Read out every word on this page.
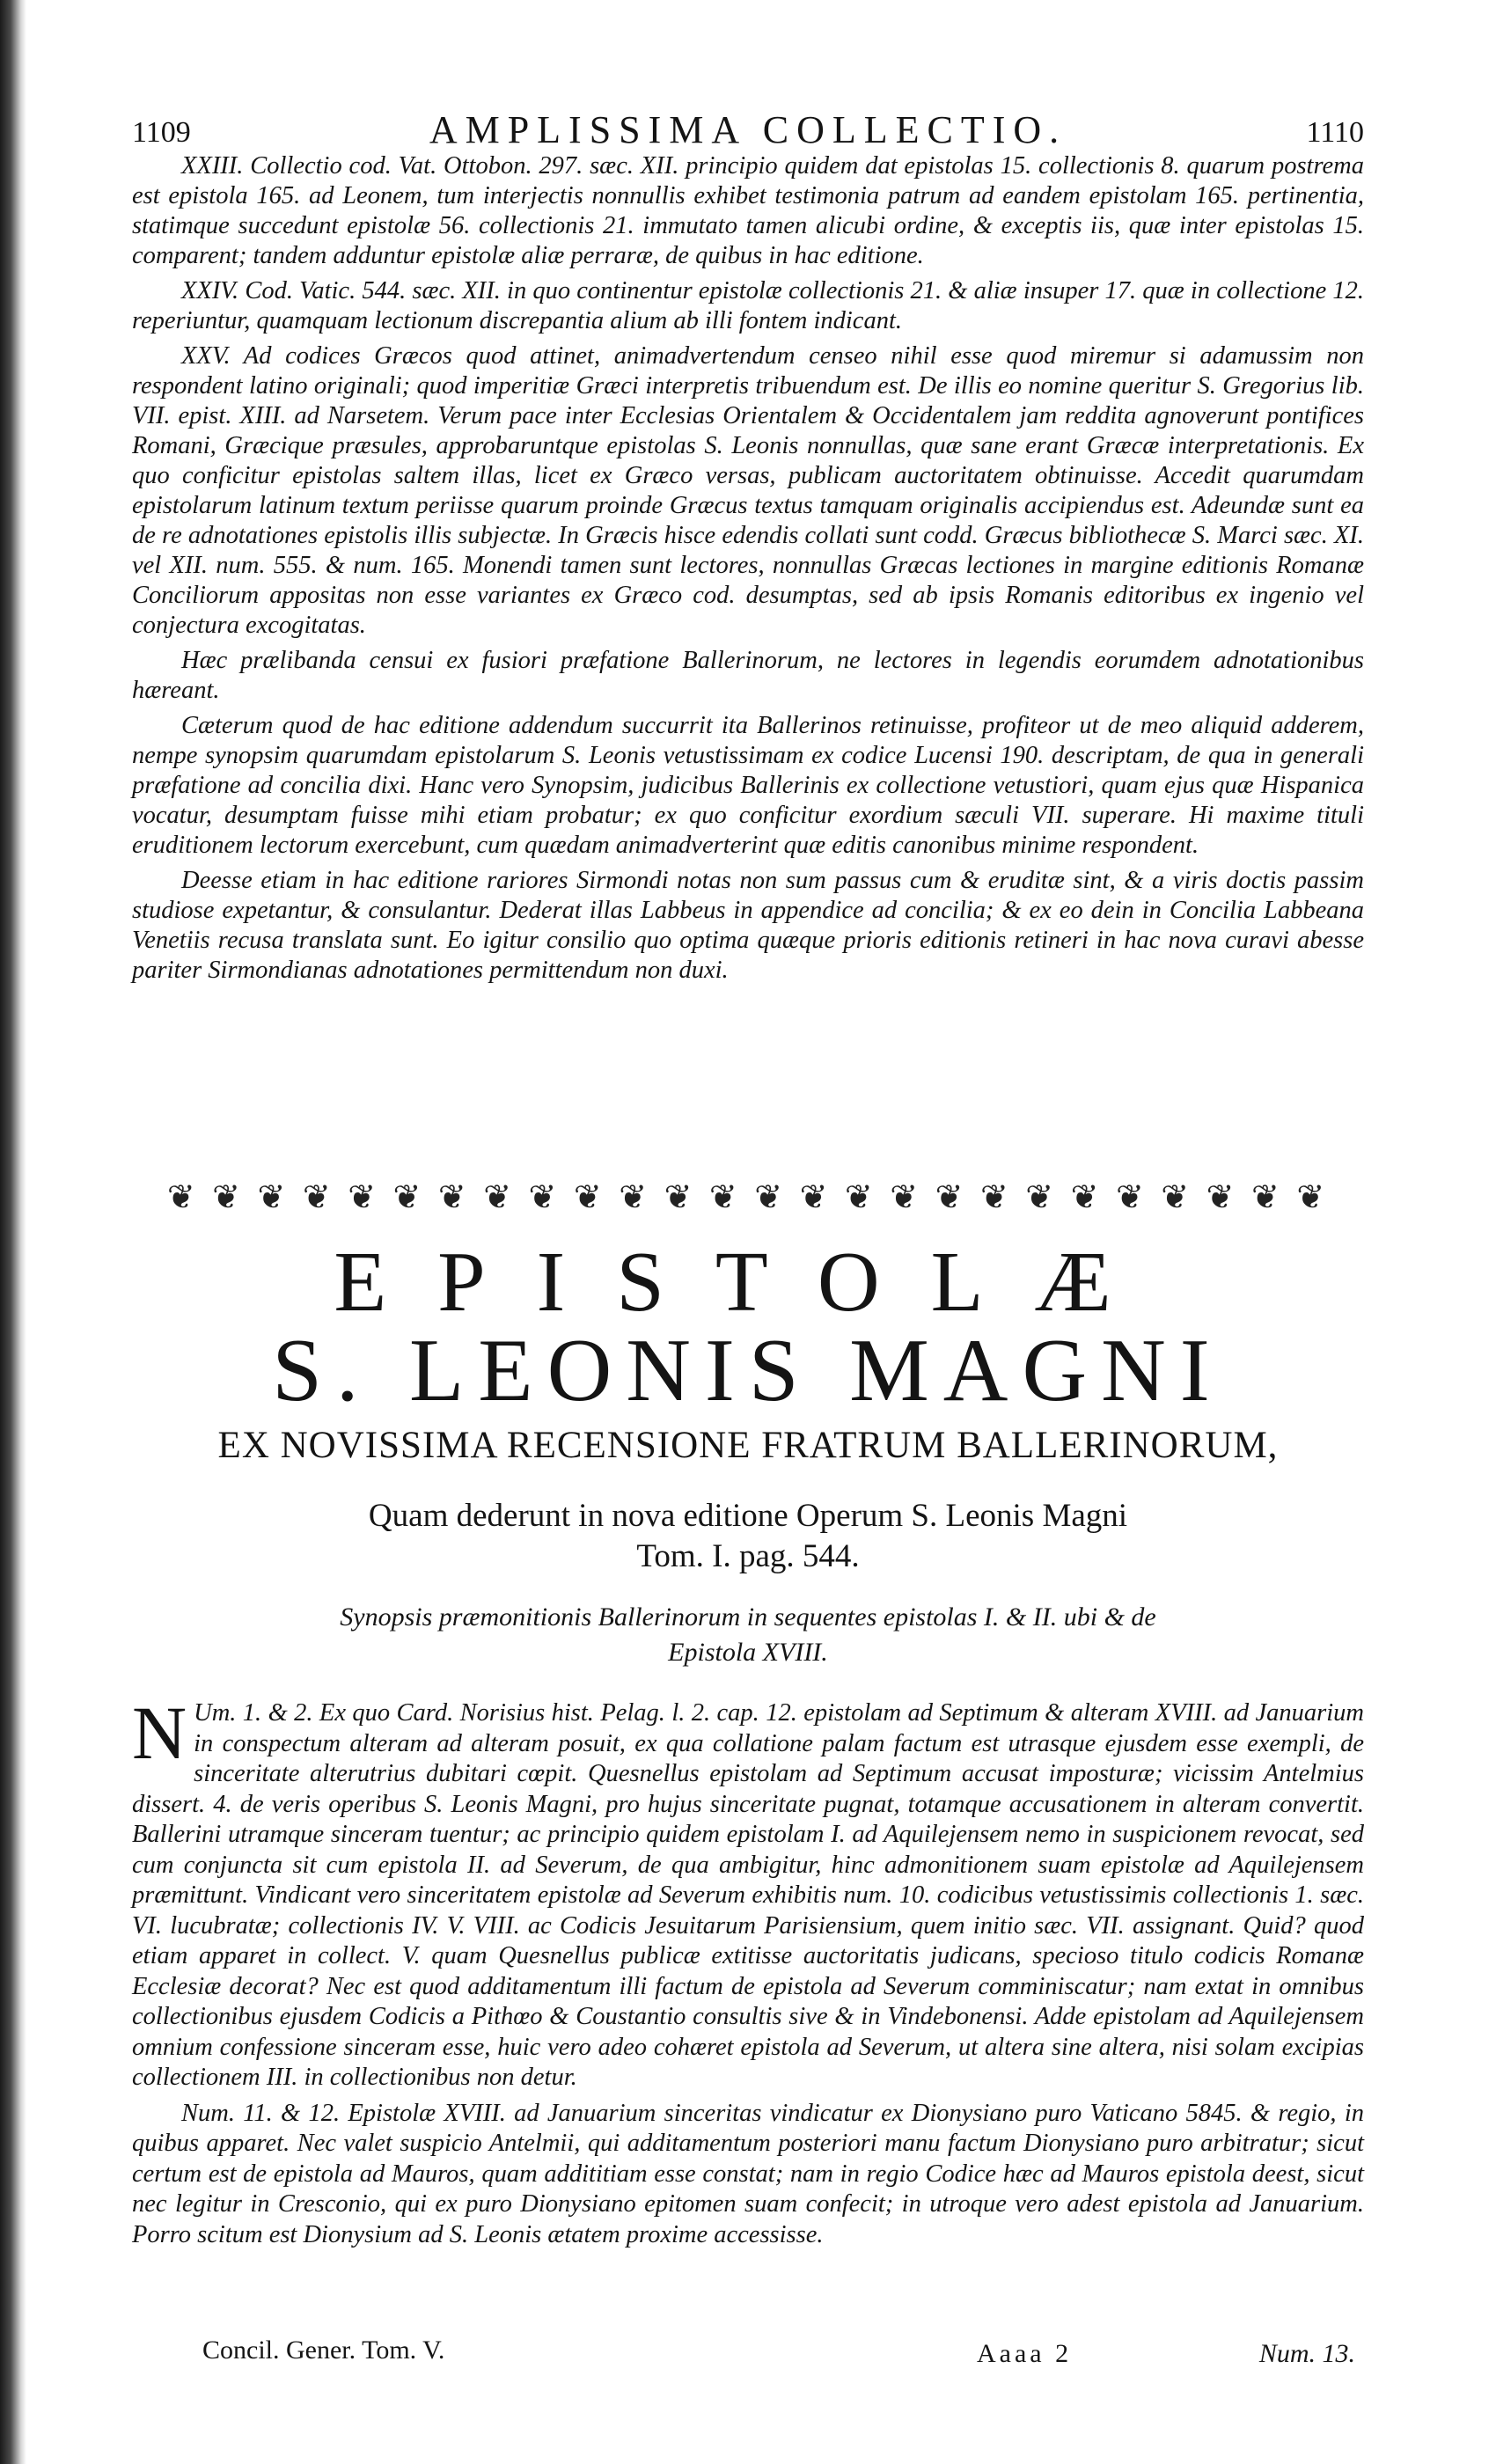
1109	AMPLISSIMA COLLECTIO.	1110

XXIII. Collectio cod. Vat. Ottobon. 297. sæc. XII. principio quidem dat epistolas 15. collectionis 8. quarum postrema est epistola 165. ad Leonem, tum interjectis nonnullis exhibet testimonia patrum ad eandem epistolam 165. pertinentia, statimque succedunt epistolæ 56. collectionis 21. immutato tamen alicubi ordine, & exceptis iis, quæ inter epistolas 15. comparent; tandem adduntur epistolæ aliæ perraræ, de quibus in hac editione.

XXIV. Cod. Vatic. 544. sæc. XII. in quo continentur epistolæ collectionis 21. & aliæ insuper 17. quæ in collectione 12. reperiuntur, quamquam lectionum discrepantia alium ab illi fontem indicant.

XXV. Ad codices Græcos quod attinet, animadvertendum censeo nihil esse quod miremur si adamussim non respondent latino originali; quod imperitiæ Græci interpretis tribuendum est. De illis eo nomine queritur S. Gregorius lib. VII. epist. XIII. ad Narsetem. Verum pace inter Ecclesias Orientalem & Occidentalem jam reddita agnoverunt pontifices Romani, Græcique præsules, approbaruntque epistolas S. Leonis nonnullas, quæ sane erant Græcæ interpretationis. Ex quo conficitur epistolas saltem illas, licet ex Græco versas, publicam auctoritatem obtinuisse. Accedit quarumdam epistolarum latinum textum periisse quarum proinde Græcus textus tamquam originalis accipiendus est. Adeundæ sunt ea de re adnotationes epistolis illis subjectæ. In Græcis hisce edendis collati sunt codd. Græcus bibliothecæ S. Marci sæc. XI. vel XII. num. 555. & num. 165. Monendi tamen sunt lectores, nonnullas Græcas lectiones in margine editionis Romanæ Conciliorum appositas non esse variantes ex Græco cod. desumptas, sed ab ipsis Romanis editoribus ex ingenio vel conjectura excogitatas.

Hæc prælibanda censui ex fusiori præfatione Ballerinorum, ne lectores in legendis eorumdem adnotationibus hæreant.

Cæterum quod de hac editione addendum succurrit ita Ballerinos retinuisse, profiteor ut de meo aliquid adderem, nempe synopsim quarumdam epistolarum S. Leonis vetustissimam ex codice Lucensi 190. descriptam, de qua in generali præfatione ad concilia dixi. Hanc vero Synopsim, judicibus Ballerinis ex collectione vetustiori, quam ejus quæ Hispanica vocatur, desumptam fuisse mihi etiam probatur; ex quo conficitur exordium sæculi VII. superare. Hi maxime tituli eruditionem lectorum exercebunt, cum quædam animadverterint quæ editis canonibus minime respondent.

Deesse etiam in hac editione rariores Sirmondi notas non sum passus cum & eruditæ sint, & a viris doctis passim studiose expetantur, & consulantur. Dederat illas Labbeus in appendice ad concilia; & ex eo dein in Concilia Labbeana Venetiis recusa translata sunt. Eo igitur consilio quo optima quæque prioris editionis retineri in hac nova curavi abesse pariter Sirmondianas adnotationes permittendum non duxi.

❦ ❦ ❦ ❦ ❦ ❦ ❦ ❦ ❦ ❦ ❦ ❦ ❦ ❦ ❦ ❦ ❦ ❦ ❦ ❦ ❦ ❦ ❦ ❦ ❦ ❦
EPISTOLÆ
S. LEONIS MAGNI
EX NOVISSIMA RECENSIONE FRATRUM BALLERINORUM,
Quam dederunt in nova editione Operum S. Leonis Magni
Tom. I. pag. 544.
Synopsis præmonitionis Ballerinorum in sequentes epistolas I. & II. ubi & de Epistola XVIII.

N Um. 1. & 2. Ex quo Card. Norisius hist. Pelag. l. 2. cap. 12. epistolam ad Septimum & alteram XVIII. ad Januarium in conspectum alteram ad alteram posuit, ex qua collatione palam factum est utrasque ejusdem esse exempli, de sinceritate alterutrius dubitari cœpit. Quesnellus epistolam ad Septimum accusat imposturæ; vicissim Antelmius dissert. 4. de veris operibus S. Leonis Magni, pro hujus sinceritate pugnat, totamque accusationem in alteram convertit. Ballerini utramque sinceram tuentur; ac principio quidem epistolam I. ad Aquilejensem nemo in suspicionem revocat, sed cum conjuncta sit cum epistola II. ad Severum, de qua ambigitur, hinc admonitionem suam epistolæ ad Aquilejensem præmittunt. Vindicant vero sinceritatem epistolæ ad Severum exhibitis num. 10. codicibus vetustissimis collectionis 1. sæc. VI. lucubratæ; collectionis IV. V. VIII. ac Codicis Jesuitarum Parisiensium, quem initio sæc. VII. assignant. Quid? quod etiam apparet in collect. V. quam Quesnellus publicæ extitisse auctoritatis judicans, specioso titulo codicis Romanæ Ecclesiæ decorat? Nec est quod additamentum illi factum de epistola ad Severum comminiscatur; nam extat in omnibus collectionibus ejusdem Codicis a Pithœo & Coustantio consultis sive & in Vindebonensi. Adde epistolam ad Aquilejensem omnium confessione sinceram esse, huic vero adeo cohæret epistola ad Severum, ut altera sine altera, nisi solam excipias collectionem III. in collectionibus non detur.

Num. 11. & 12. Epistolæ XVIII. ad Januarium sinceritas vindicatur ex Dionysiano puro Vaticano 5845. & regio, in quibus apparet. Nec valet suspicio Antelmii, qui additamentum posteriori manu factum Dionysiano puro arbitratur; sicut certum est de epistola ad Mauros, quam addititiam esse constat; nam in regio Codice hæc ad Mauros epistola deest, sicut nec legitur in Cresconio, qui ex puro Dionysiano epitomen suam confecit; in utroque vero adest epistola ad Januarium. Porro scitum est Dionysium ad S. Leonis ætatem proxime accessisse.

Concil. Gener. Tom. V.	Aaaa 2	Num. 13.
